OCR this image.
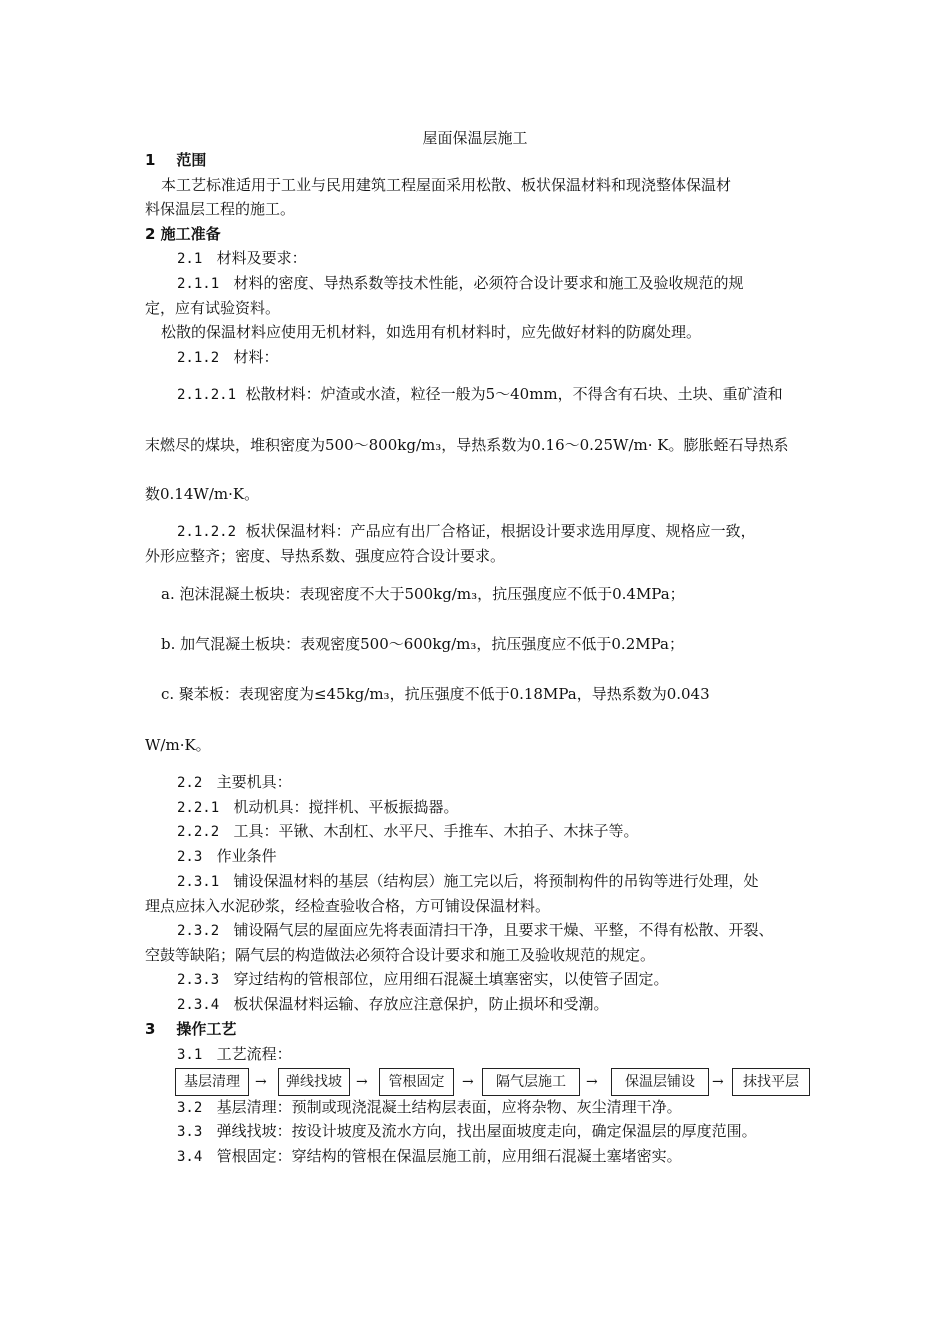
屋面保温层施工
1 范围
本工艺标准适用于工业与民用建筑工程屋面采用松散、板状保温材料和现浇整体保温材
料保温层工程的施工。
2 施工准备
2.1 材料及要求：
2.1.1 材料的密度、导热系数等技术性能，必须符合设计要求和施工及验收规范的规
定，应有试验资料。
松散的保温材料应使用无机材料，如选用有机材料时，应先做好材料的防腐处理。
2.1.2 材料：
2.1.2.1 松散材料：炉渣或水渣，粒径一般为5～40mm，不得含有石块、土块、重矿渣和
末燃尽的煤块，堆积密度为500～800kg/m₃，导热系数为0.16～0.25W/m· K。膨胀蛭石导热系
数0.14W/m·K。
2.1.2.2 板状保温材料：产品应有出厂合格证，根据设计要求选用厚度、规格应一致，
外形应整齐；密度、导热系数、强度应符合设计要求。
a. 泡沫混凝土板块：表现密度不大于500kg/m₃，抗压强度应不低于0.4MPa；
b. 加气混凝土板块：表观密度500～600kg/m₃，抗压强度应不低于0.2MPa；
c. 聚苯板：表现密度为≤45kg/m₃，抗压强度不低于0.18MPa，导热系数为0.043
W/m·K。
2.2 主要机具：
2.2.1 机动机具：搅拌机、平板振捣器。
2.2.2 工具：平锹、木刮杠、水平尺、手推车、木拍子、木抹子等。
2.3 作业条件
2.3.1 铺设保温材料的基层（结构层）施工完以后，将预制构件的吊钩等进行处理，处
理点应抹入水泥砂浆，经检查验收合格，方可铺设保温材料。
2.3.2 铺设隔气层的屋面应先将表面清扫干净，且要求干燥、平整，不得有松散、开裂、
空鼓等缺陷；隔气层的构造做法必须符合设计要求和施工及验收规范的规定。
2.3.3 穿过结构的管根部位，应用细石混凝土填塞密实，以使管子固定。
2.3.4 板状保温材料运输、存放应注意保护，防止损坏和受潮。
3 操作工艺
3.1 工艺流程：
基层清理	→	弹线找坡	→	管根固定	→	隔气层施工	→	保温层铺设	→	抹找平层
3.2 基层清理：预制或现浇混凝土结构层表面，应将杂物、灰尘清理干净。
3.3 弹线找坡：按设计坡度及流水方向，找出屋面坡度走向，确定保温层的厚度范围。
3.4 管根固定：穿结构的管根在保温层施工前，应用细石混凝土塞堵密实。
